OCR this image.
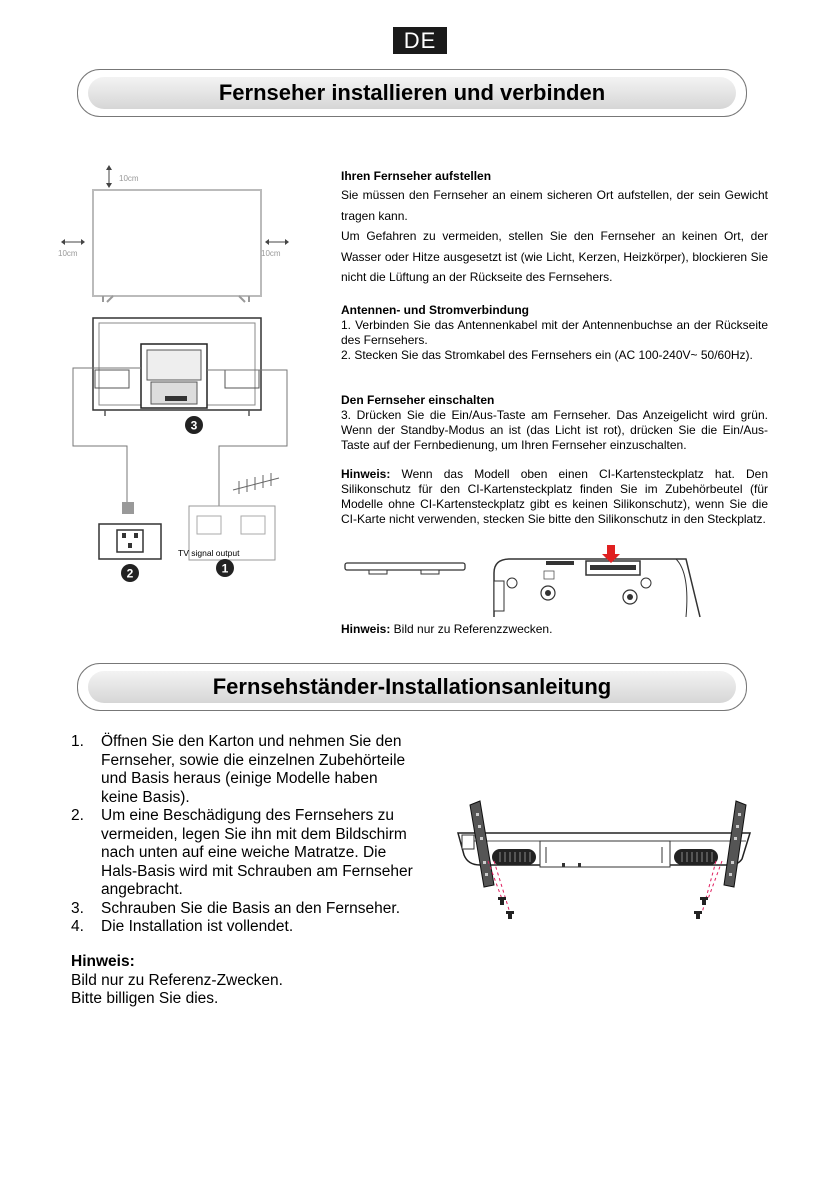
DE
Fernseher installieren und verbinden
10cm
10cm	10cm
TV signal output
3
2	1
Ihren Fernseher aufstellen
Sie müssen den Fernseher an einem sicheren Ort aufstellen, der sein Gewicht tragen kann.
Um Gefahren zu vermeiden, stellen Sie den Fernseher an keinen Ort, der Wasser oder Hitze ausgesetzt ist (wie Licht, Kerzen, Heizkörper), blockieren Sie nicht die Lüftung an der Rückseite des Fernsehers.
Antennen- und Stromverbindung
1. Verbinden Sie das Antennenkabel mit der Antennenbuchse an der Rückseite des Fernsehers.
2. Stecken Sie das Stromkabel des Fernsehers ein (AC 100-240V~ 50/60Hz).
Den Fernseher einschalten
3. Drücken Sie die Ein/Aus-Taste am Fernseher. Das Anzeigelicht wird grün. Wenn der Standby-Modus an ist (das Licht ist rot), drücken Sie die Ein/Aus-Taste auf der Fernbedienung, um Ihren Fernseher einzuschalten.
Hinweis: Wenn das Modell oben einen CI-Kartensteckplatz hat. Den Silikonschutz für den CI-Kartensteckplatz finden Sie im Zubehörbeutel (für Modelle ohne CI-Kartensteckplatz gibt es keinen Silikonschutz), wenn Sie die CI-Karte nicht verwenden, stecken Sie bitte den Silikonschutz in den Steckplatz.
Hinweis: Bild nur zu Referenzzwecken.
Fernsehständer-Installationsanleitung
1.	Öffnen Sie den Karton und nehmen Sie den Fernseher, sowie die einzelnen Zubehörteile und Basis heraus (einige Modelle haben keine Basis).
2.	Um eine Beschädigung des Fernsehers zu vermeiden, legen Sie ihn mit dem Bildschirm nach unten auf eine weiche Matratze. Die Hals-Basis wird mit Schrauben am Fernseher angebracht.
3.	Schrauben Sie die Basis an den Fernseher.
4.	Die Installation ist vollendet.
Hinweis:
Bild nur zu Referenz-Zwecken.
Bitte billigen Sie dies.
